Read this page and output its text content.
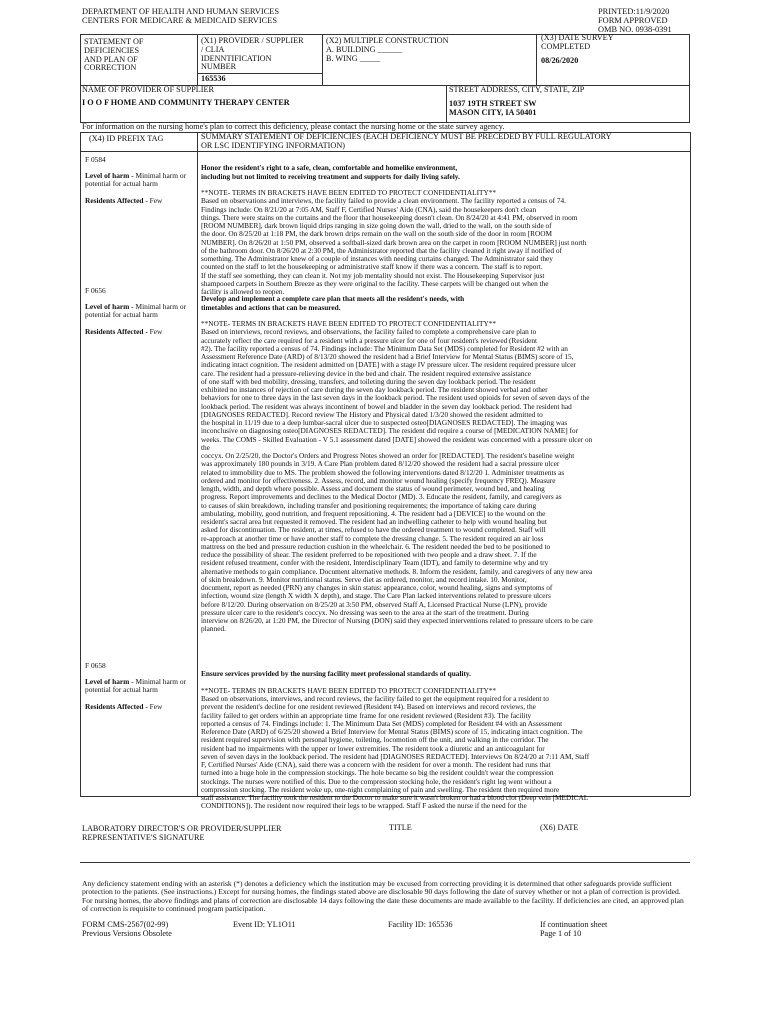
DEPARTMENT OF HEALTH AND HUMAN SERVICES
CENTERS FOR MEDICARE & MEDICAID SERVICES
PRINTED:11/9/2020
FORM APPROVED
OMB NO. 0938-0391
STATEMENT OF
DEFICIENCIES
AND PLAN OF
CORRECTION
(X1) PROVIDER / SUPPLIER
/ CLIA
IDENNTIFICATION
NUMBER
165536
(X2) MULTIPLE CONSTRUCTION
A. BUILDING ______
B. WING _____
(X3) DATE SURVEY
COMPLETED
08/26/2020
NAME OF PROVIDER OF SUPPLIER
I O O F HOME AND COMMUNITY THERAPY CENTER
STREET ADDRESS, CITY, STATE, ZIP
1037 19TH STREET SW
MASON CITY, IA 50401
For information on the nursing home's plan to correct this deficiency, please contact the nursing home or the state survey agency.
(X4) ID PREFIX TAG	SUMMARY STATEMENT OF DEFICIENCIES (EACH DEFICIENCY MUST BE PRECEDED BY FULL REGULATORY
OR LSC IDENTIFYING INFORMATION)
F 0584
Level of harm - Minimal harm or potential for actual harm
Residents Affected - Few

Honor the resident's right to a safe, clean, comfortable and homelike environment,
including but not limited to receiving treatment and supports for daily living safely.

**NOTE- TERMS IN BRACKETS HAVE BEEN EDITED TO PROTECT CONFIDENTIALITY**
Based on observations and interviews, the facility failed to provide a clean environment. The facility reported a census of 74.
Findings include: On 8/21/20 at 7:05 AM, Staff F, Certified Nurses' Aide (CNA), said the housekeepers don't clean
things. There were stains on the curtains and the floor that housekeeping doesn't clean. On 8/24/20 at 4:41 PM, observed in room
[ROOM NUMBER], dark brown liquid drips ranging in size going down the wall, dried to the wall, on the south side of
the door. On 8/25/20 at 1:18 PM, the dark brown drips remain on the wall on the south side of the door in room [ROOM
NUMBER]. On 8/26/20 at 1:50 PM, observed a softball-sized dark brown area on the carpet in room [ROOM NUMBER] just north
of the bathroom door. On 8/26/20 at 2:30 PM, the Administrator reported that the facility cleaned it right away if notified of
something. The Administrator knew of a couple of instances with needing curtains changed. The Administrator said they
counted on the staff to let the housekeeping or administrative staff know if there was a concern. The staff is to report.
If the staff see something, they can clean it. Not my job mentality should not exist. The Housekeeping Supervisor just
shampooed carpets in Southern Breeze as they were original to the facility. These carpets will be changed out when the
facility is allowed to reopen.

F 0656
Level of harm - Minimal harm or potential for actual harm
Residents Affected - Few

Develop and implement a complete care plan that meets all the resident's needs, with
timetables and actions that can be measured.

**NOTE- TERMS IN BRACKETS HAVE BEEN EDITED TO PROTECT CONFIDENTIALITY**
Based on interviews, record reviews, and observations, the facility failed to complete a comprehensive care plan to
accurately reflect the care required for a resident with a pressure ulcer for one of four resident's reviewed (Resident
#2). The facility reported a census of 74. Findings include: The Minimum Data Set (MDS) completed for Resident #2 with an
Assessment Reference Date (ARD) of 8/13/20 showed the resident had a Brief Interview for Mental Status (BIMS) score of 15,
indicating intact cognition. The resident admitted on [DATE] with a stage IV pressure ulcer. The resident required pressure ulcer
care. The resident had a pressure-relieving device in the bed and chair. The resident required extensive assistance
of one staff with bed mobility, dressing, transfers, and toileting during the seven day lookback period. The resident
exhibited no instances of rejection of care during the seven day lookback period. The resident showed verbal and other
behaviors for one to three days in the last seven days in the lookback period. The resident used opioids for seven of seven days of the
lookback period. The resident was always incontinent of bowel and bladder in the seven day lookback period. The resident had
[DIAGNOSES REDACTED]. Record review The History and Physical dated 1/3/20 showed the resident admitted to
the hospital in 11/19 due to a deep lumbar-sacral ulcer due to suspected osteo[DIAGNOSES REDACTED]. The imaging was
inconclusive on diagnosing osteo[DIAGNOSES REDACTED]. The resident did require a course of [MEDICATION NAME] for
weeks. The COMS - Skilled Evaluation - V 5.1 assessment dated [DATE] showed the resident was concerned with a pressure ulcer on
the
coccyx. On 2/25/20, the Doctor's Orders and Progress Notes showed an order for [REDACTED]. The resident's baseline weight
was approximately 180 pounds in 3/19. A Care Plan problem dated 8/12/20 showed the resident had a sacral pressure ulcer
related to immobility due to MS. The problem showed the following interventions dated 8/12/20 1. Administer treatments as
ordered and monitor for effectiveness. 2. Assess, record, and monitor wound healing (specify frequency FREQ). Measure
length, width, and depth where possible. Assess and document the status of wound perimeter, wound bed, and healing
progress. Report improvements and declines to the Medical Doctor (MD). 3. Educate the resident, family, and caregivers as
to causes of skin breakdown, including transfer and positioning requirements; the importance of taking care during
ambulating, mobility, good nutrition, and frequent repositioning. 4. The resident had a [DEVICE] to the wound on the
resident's sacral area but requested it removed. The resident had an indwelling catheter to help with wound healing but
asked for discontinuation. The resident, at times, refused to have the ordered treatment to wound completed. Staff will
re-approach at another time or have another staff to complete the dressing change. 5. The resident required an air loss
mattress on the bed and pressure reduction cushion in the wheelchair. 6. The resident needed the bed to be positioned to
reduce the possibility of shear. The resident preferred to be repositioned with two people and a draw sheet. 7. If the
resident refused treatment, confer with the resident, Interdisciplinary Team (IDT), and family to determine why and try
alternative methods to gain compliance. Document alternative methods. 8. Inform the resident, family, and caregivers of any new area
of skin breakdown. 9. Monitor nutritional status. Serve diet as ordered, monitor, and record intake. 10. Monitor,
document, report as needed (PRN) any changes in skin status: appearance, color, wound healing, signs and symptoms of
infection, wound size (length X width X depth), and stage. The Care Plan lacked interventions related to pressure ulcers
before 8/12/20. During observation on 8/25/20 at 3:50 PM, observed Staff A, Licensed Practical Nurse (LPN), provide
pressure ulcer care to the resident's coccyx. No dressing was seen to the area at the start of the treatment. During
interview on 8/26/20, at 1:20 PM, the Director of Nursing (DON) said they expected interventions related to pressure ulcers to be care
planned.

F 0658
Level of harm - Minimal harm or potential for actual harm
Residents Affected - Few

Ensure services provided by the nursing facility meet professional standards of quality.

**NOTE- TERMS IN BRACKETS HAVE BEEN EDITED TO PROTECT CONFIDENTIALITY**
Based on observations, interviews, and record reviews, the facility failed to get the equipment required for a resident to
prevent the resident's decline for one resident reviewed (Resident #4). Based on interviews and record reviews, the
facility failed to get orders within an appropriate time frame for one resident reviewed (Resident #3). The facility
reported a census of 74. Findings include: 1. The Minimum Data Set (MDS) completed for Resident #4 with an Assessment
Reference Date (ARD) of 6/25/20 showed a Brief Interview for Mental Status (BIMS) score of 15, indicating intact cognition. The
resident required supervision with personal hygiene, toileting, locomotion off the unit, and walking in the corridor. The
resident had no impairments with the upper or lower extremities. The resident took a diuretic and an anticoagulant for
seven of seven days in the lookback period. The resident had [DIAGNOSES REDACTED]. Interviews On 8/24/20 at 7:11 AM, Staff
F, Certified Nurses' Aide (CNA), said there was a concern with the resident for over a month. The resident had runs that
turned into a huge hole in the compression stockings. The hole became so big the resident couldn't wear the compression
stockings. The nurses were notified of this. Due to the compression stocking hole, the resident's right leg went without a
compression stocking. The resident woke up, one-night complaining of pain and swelling. The resident then required more
staff assistance. The facility took the resident to the Doctor to make sure it wasn't broken or had a blood clot (Deep vein [MEDICAL
CONDITIONS]). The resident now required their legs to be wrapped. Staff F asked the nurse if the need for the

LABORATORY DIRECTOR'S OR PROVIDER/SUPPLIER
REPRESENTATIVE'S SIGNATURE
TITLE	(X6) DATE
Any deficiency statement ending with an asterisk (*) denotes a deficiency which the institution may be excused from correcting providing it is determined that other safeguards provide sufficient protection to the patients. (See instructions.) Except for nursing homes, the findings stated above are disclosable 90 days following the date of survey whether or not a plan of correction is provided. For nursing homes, the above findings and plans of correction are disclosable 14 days following the date these documents are made available to the facility. If deficiencies are cited, an approved plan of correction is requisite to continued program participation.
FORM CMS-2567(02-99)
Previous Versions Obsolete
Event ID: YL1O11	Facility ID: 165536	If continuation sheet
Page 1 of 10
